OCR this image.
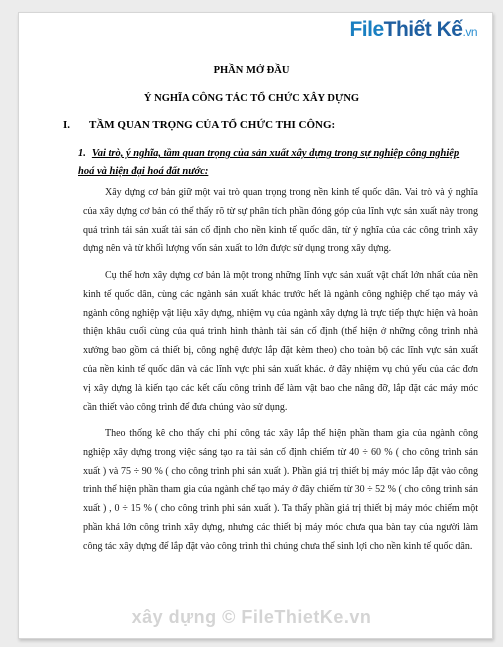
FileThiết Kế.vn
PHẦN MỞ ĐẦU
Ý NGHĨA CÔNG TÁC TỔ CHỨC XÂY DỰNG
I. TẦM QUAN TRỌNG CỦA TỔ CHỨC THI CÔNG:
1. Vai trò, ý nghĩa, tầm quan trọng của sản xuất xây dựng trong sự nghiệp công nghiệp hoá và hiện đại hoá đất nước:
Xây dựng cơ bản giữ một vai trò quan trọng trong nền kinh tế quốc dân. Vai trò và ý nghĩa của xây dựng cơ bản có thể thấy rõ từ sự phân tích phần đóng góp của lĩnh vực sản xuất này trong quá trình tái sản xuất tài sản cố định cho nền kinh tế quốc dân, từ ý nghĩa của các công trình xây dựng nên và từ khối lượng vốn sản xuất to lớn được sử dụng trong xây dựng.
Cụ thể hơn xây dựng cơ bản là một trong những lĩnh vực sản xuất vật chất lớn nhất của nền kinh tế quốc dân, cùng các ngành sản xuất khác trước hết là ngành công nghiệp chế tạo máy và ngành công nghiệp vật liệu xây dựng, nhiệm vụ của ngành xây dựng là trực tiếp thực hiện và hoàn thiện khâu cuối cùng của quá trình hình thành tài sản cố định (thể hiện ở những công trình nhà xưởng bao gồm cả thiết bị, công nghệ được lắp đặt kèm theo) cho toàn bộ các lĩnh vực sản xuất của nền kinh tế quốc dân và các lĩnh vực phi sản xuất khác. ở đây nhiệm vụ chủ yếu của các đơn vị xây dựng là kiến tạo các kết cấu công trình để làm vật bao che nâng đỡ, lắp đặt các máy móc cần thiết vào công trình để đưa chúng vào sử dụng.
Theo thống kê cho thấy chi phí công tác xây lắp thể hiện phần tham gia của ngành công nghiệp xây dựng trong việc sáng tạo ra tài sản cố định chiếm từ 40 ÷ 60 % ( cho công trình sản xuất ) và 75 ÷ 90 % ( cho công trình phi sản xuất ). Phần giá trị thiết bị máy móc lắp đặt vào công trình thể hiện phần tham gia của ngành chế tạo máy ở đây chiếm từ 30 ÷ 52 % ( cho công trình sản xuất ) , 0 ÷ 15 % ( cho công trình phi sản xuất ). Ta thấy phần giá trị thiết bị máy móc chiếm một phần khá lớn công trình xây dựng, nhưng các thiết bị máy móc chưa qua bàn tay của người làm công tác xây dựng để lắp đặt vào công trình thì chúng chưa thể sinh lợi cho nền kinh tế quốc dân.
xây dựng © FileThietKe.vn
